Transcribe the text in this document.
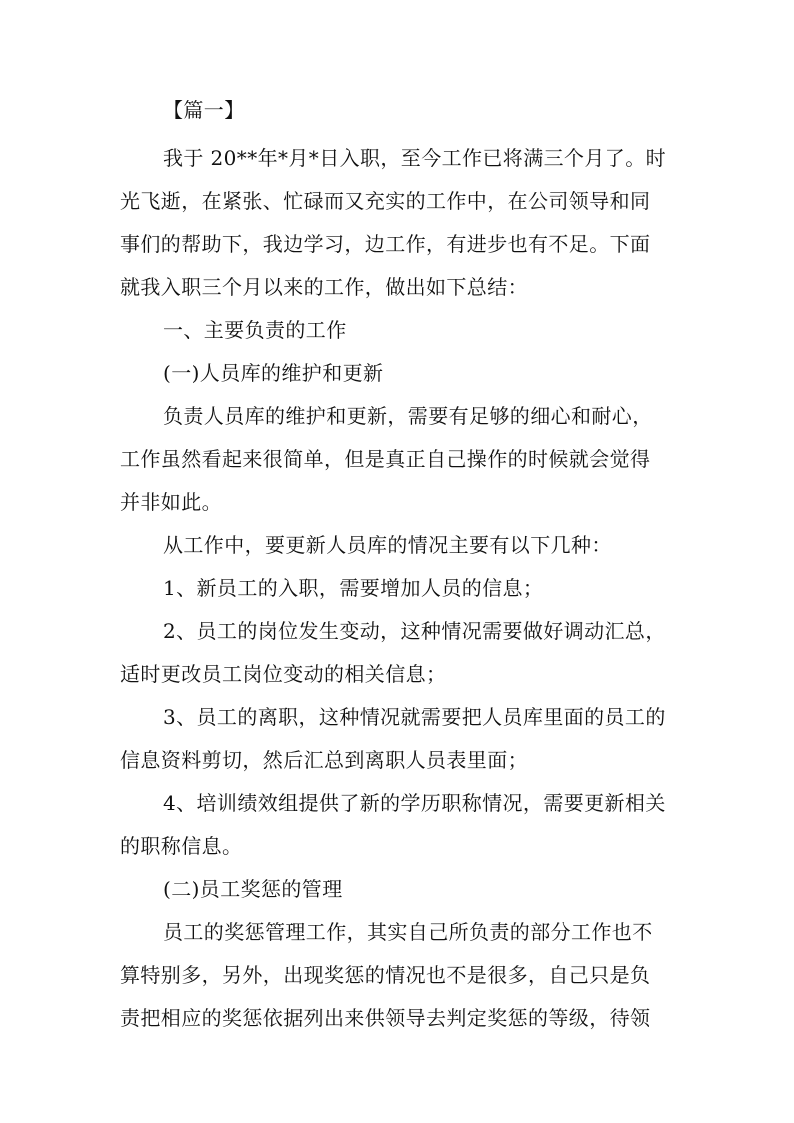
【篇一】
我于 20**年*月*日入职，至今工作已将满三个月了。时
光飞逝，在紧张、忙碌而又充实的工作中，在公司领导和同
事们的帮助下，我边学习，边工作，有进步也有不足。下面
就我入职三个月以来的工作，做出如下总结：
一、主要负责的工作
(一)人员库的维护和更新
负责人员库的维护和更新，需要有足够的细心和耐心，
工作虽然看起来很简单，但是真正自己操作的时候就会觉得
并非如此。
从工作中，要更新人员库的情况主要有以下几种：
1、新员工的入职，需要增加人员的信息；
2、员工的岗位发生变动，这种情况需要做好调动汇总，
适时更改员工岗位变动的相关信息；
3、员工的离职，这种情况就需要把人员库里面的员工的
信息资料剪切，然后汇总到离职人员表里面；
4、培训绩效组提供了新的学历职称情况，需要更新相关
的职称信息。
(二)员工奖惩的管理
员工的奖惩管理工作，其实自己所负责的部分工作也不
算特别多，另外，出现奖惩的情况也不是很多，自己只是负
责把相应的奖惩依据列出来供领导去判定奖惩的等级，待领
